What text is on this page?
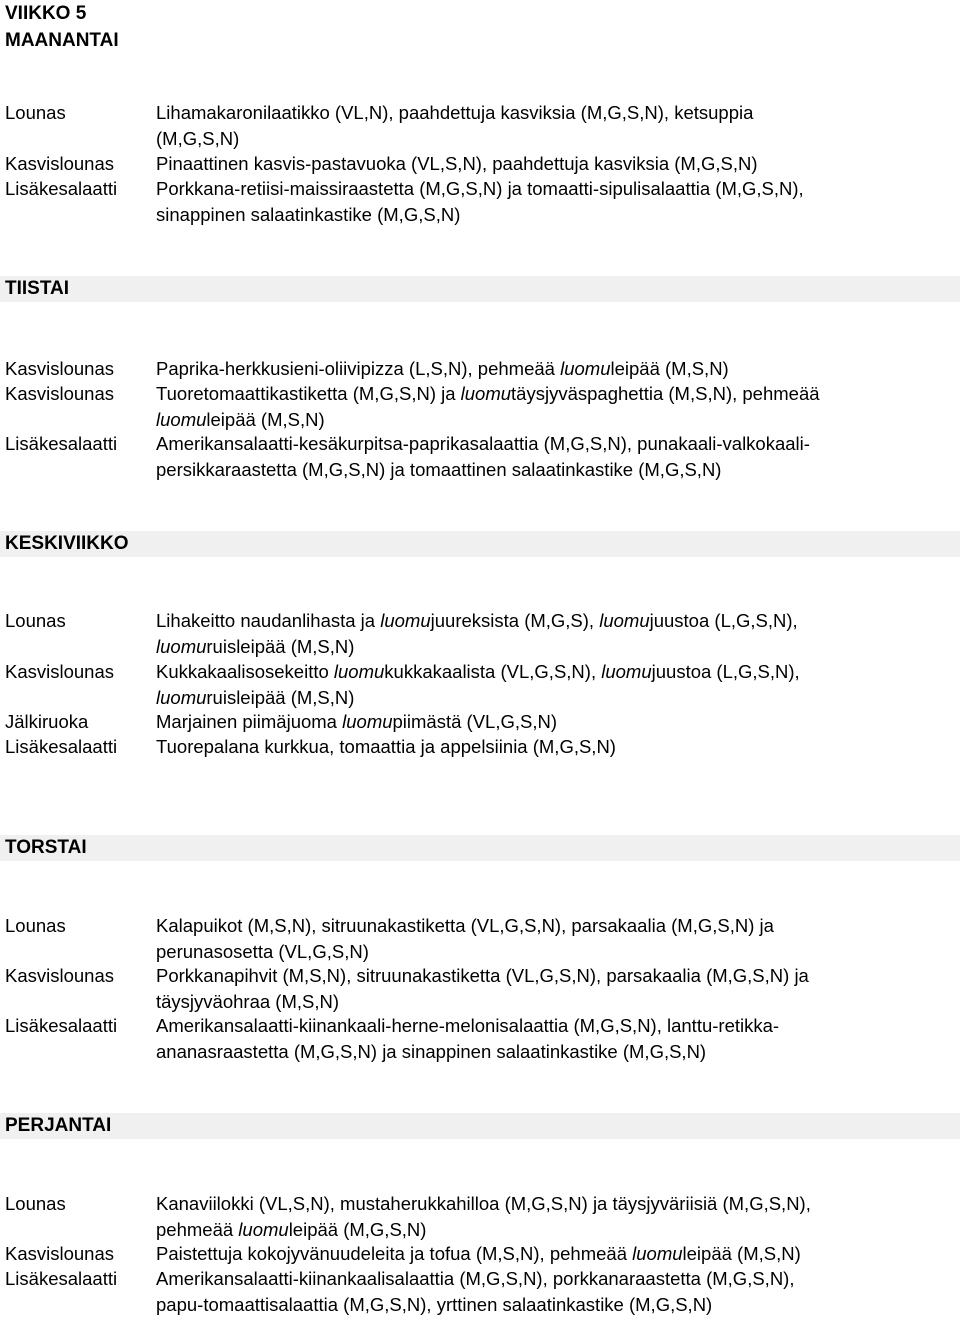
VIIKKO 5
MAANANTAI
Lounas	Lihamakaronilaatikko (VL,N), paahdettuja kasviksia (M,G,S,N), ketsuppia
(M,G,S,N)
Kasvislounas	Pinaattinen kasvis-pastavuoka (VL,S,N), paahdettuja kasviksia (M,G,S,N)
Lisäkesalaatti	Porkkana-retiisi-maissiraastetta (M,G,S,N) ja tomaatti-sipulisalaattia (M,G,S,N),
sinappinen salaatinkastike (M,G,S,N)
TIISTAI
Kasvislounas	Paprika-herkkusieni-oliivipizza (L,S,N), pehmeää luomuleipää (M,S,N)
Kasvislounas	Tuoretomaattikastiketta (M,G,S,N) ja luomutäysjyväspaghettia (M,S,N), pehmeää
luomuleipää (M,S,N)
Lisäkesalaatti	Amerikansalaatti-kesäkurpitsa-paprikasalaattia (M,G,S,N), punakaali-valkokaali-
persikkaraastetta (M,G,S,N) ja tomaattinen salaatinkastike (M,G,S,N)
KESKIVIIKKO
Lounas	Lihakeitto naudanlihasta ja luomujuureksista (M,G,S), luomujuustoa (L,G,S,N),
luomuruisleipää (M,S,N)
Kasvislounas	Kukkakaalisosekeitto luomukukkakaalista (VL,G,S,N), luomujuustoa (L,G,S,N),
luomuruisleipää (M,S,N)
Jälkiruoka	Marjainen piimäjuoma luomupiimästä (VL,G,S,N)
Lisäkesalaatti	Tuorepalana kurkkua, tomaattia ja appelsiinia (M,G,S,N)
TORSTAI
Lounas	Kalapuikot (M,S,N), sitruunakastiketta (VL,G,S,N), parsakaalia (M,G,S,N) ja
perunasosetta (VL,G,S,N)
Kasvislounas	Porkkanapihvit (M,S,N), sitruunakastiketta (VL,G,S,N), parsakaalia (M,G,S,N) ja
täysjyväohraa (M,S,N)
Lisäkesalaatti	Amerikansalaatti-kiinankaali-herne-melonisalaattia (M,G,S,N), lanttu-retikka-
ananasraastetta (M,G,S,N) ja sinappinen salaatinkastike (M,G,S,N)
PERJANTAI
Lounas	Kanaviilokki (VL,S,N), mustaherukkahilloa (M,G,S,N) ja täysjyväriisiä (M,G,S,N),
pehmeää luomuleipää (M,G,S,N)
Kasvislounas	Paistettuja kokojyvänuudeleita ja tofua (M,S,N), pehmeää luomuleipää (M,S,N)
Lisäkesalaatti	Amerikansalaatti-kiinankaalisalaattia (M,G,S,N), porkkanaraastetta (M,G,S,N),
papu-tomaattisalaattia (M,G,S,N), yrttinen salaatinkastike (M,G,S,N)
